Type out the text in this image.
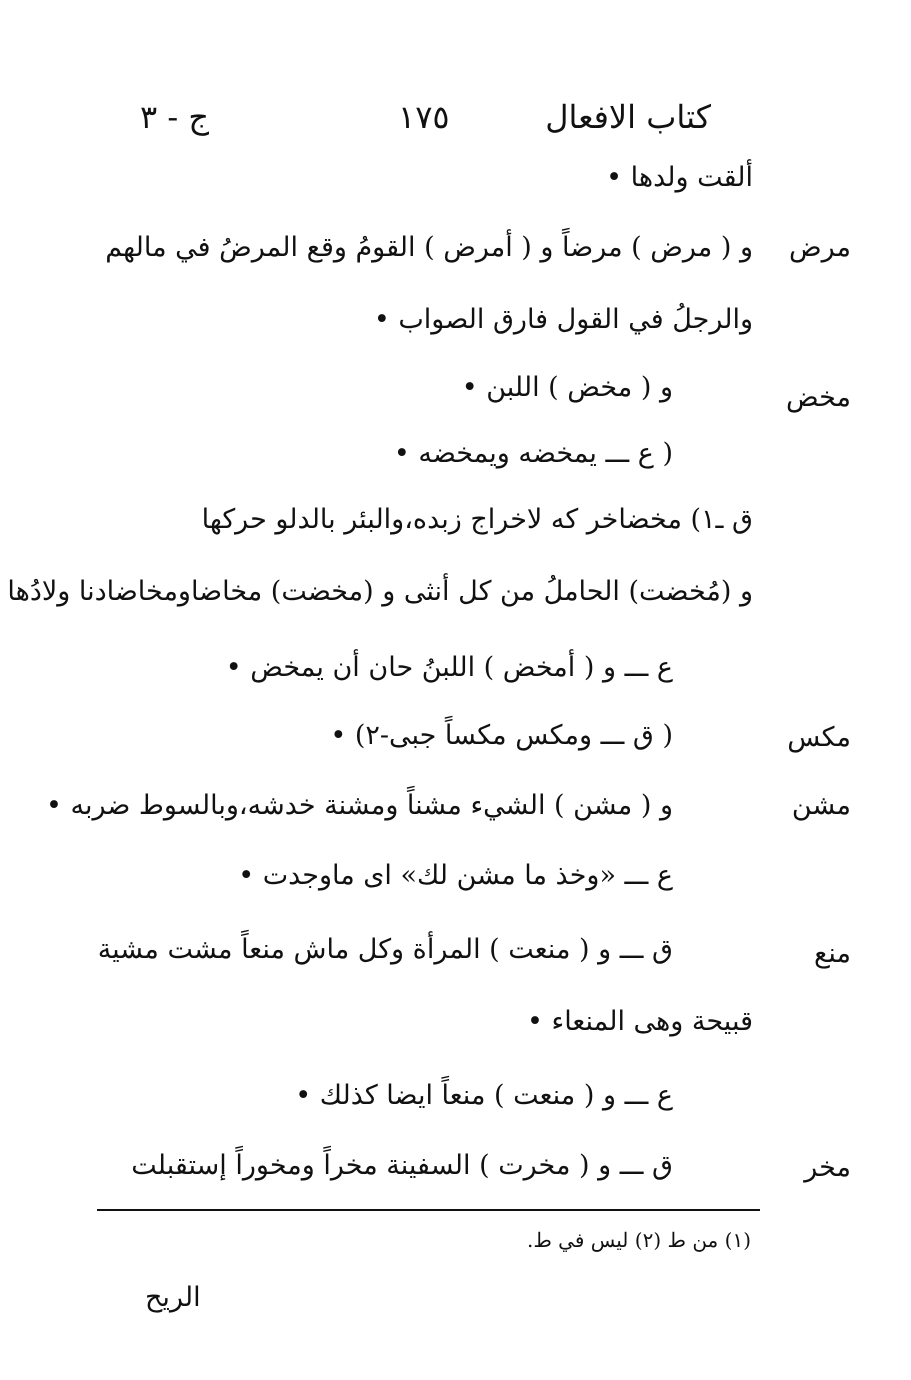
كتاب الافعال
١٧٥
ج - ٣
ألقت ولدها •
مرض
و ( مرض ) مرضاً و ( أمرض ) القومُ وقع المرضُ في مالهم
والرجلُ في القول فارق الصواب •
مخض
و ( مخض ) اللبن •
( ع ـــ يمخضه ويمخضه •
ق ـ١) مخضاخر كه لاخراج زبده،والبئر بالدلو حركها
و (مُخضت) الحاملُ من كل أنثى و (مخضت) مخاضاومخاضادنا ولادُها
ع ـــ و ( أمخض ) اللبنُ حان أن يمخض •
مكس
( ق ـــ ومكس مكساً جبى-٢) •
مشن
و ( مشن ) الشيء مشناً ومشنة خدشه،وبالسوط ضربه •
ع ـــ «وخذ ما مشن لك» اى ماوجدت •
منع
ق ـــ و ( منعت ) المرأة وكل ماش منعاً مشت مشية
قبيحة وهى المنعاء •
ع ـــ و ( منعت ) منعاً ايضا كذلك •
مخر
ق ـــ و ( مخرت ) السفينة مخراً ومخوراً إستقبلت
(١) من ط (٢) ليس في ط.
الريح
